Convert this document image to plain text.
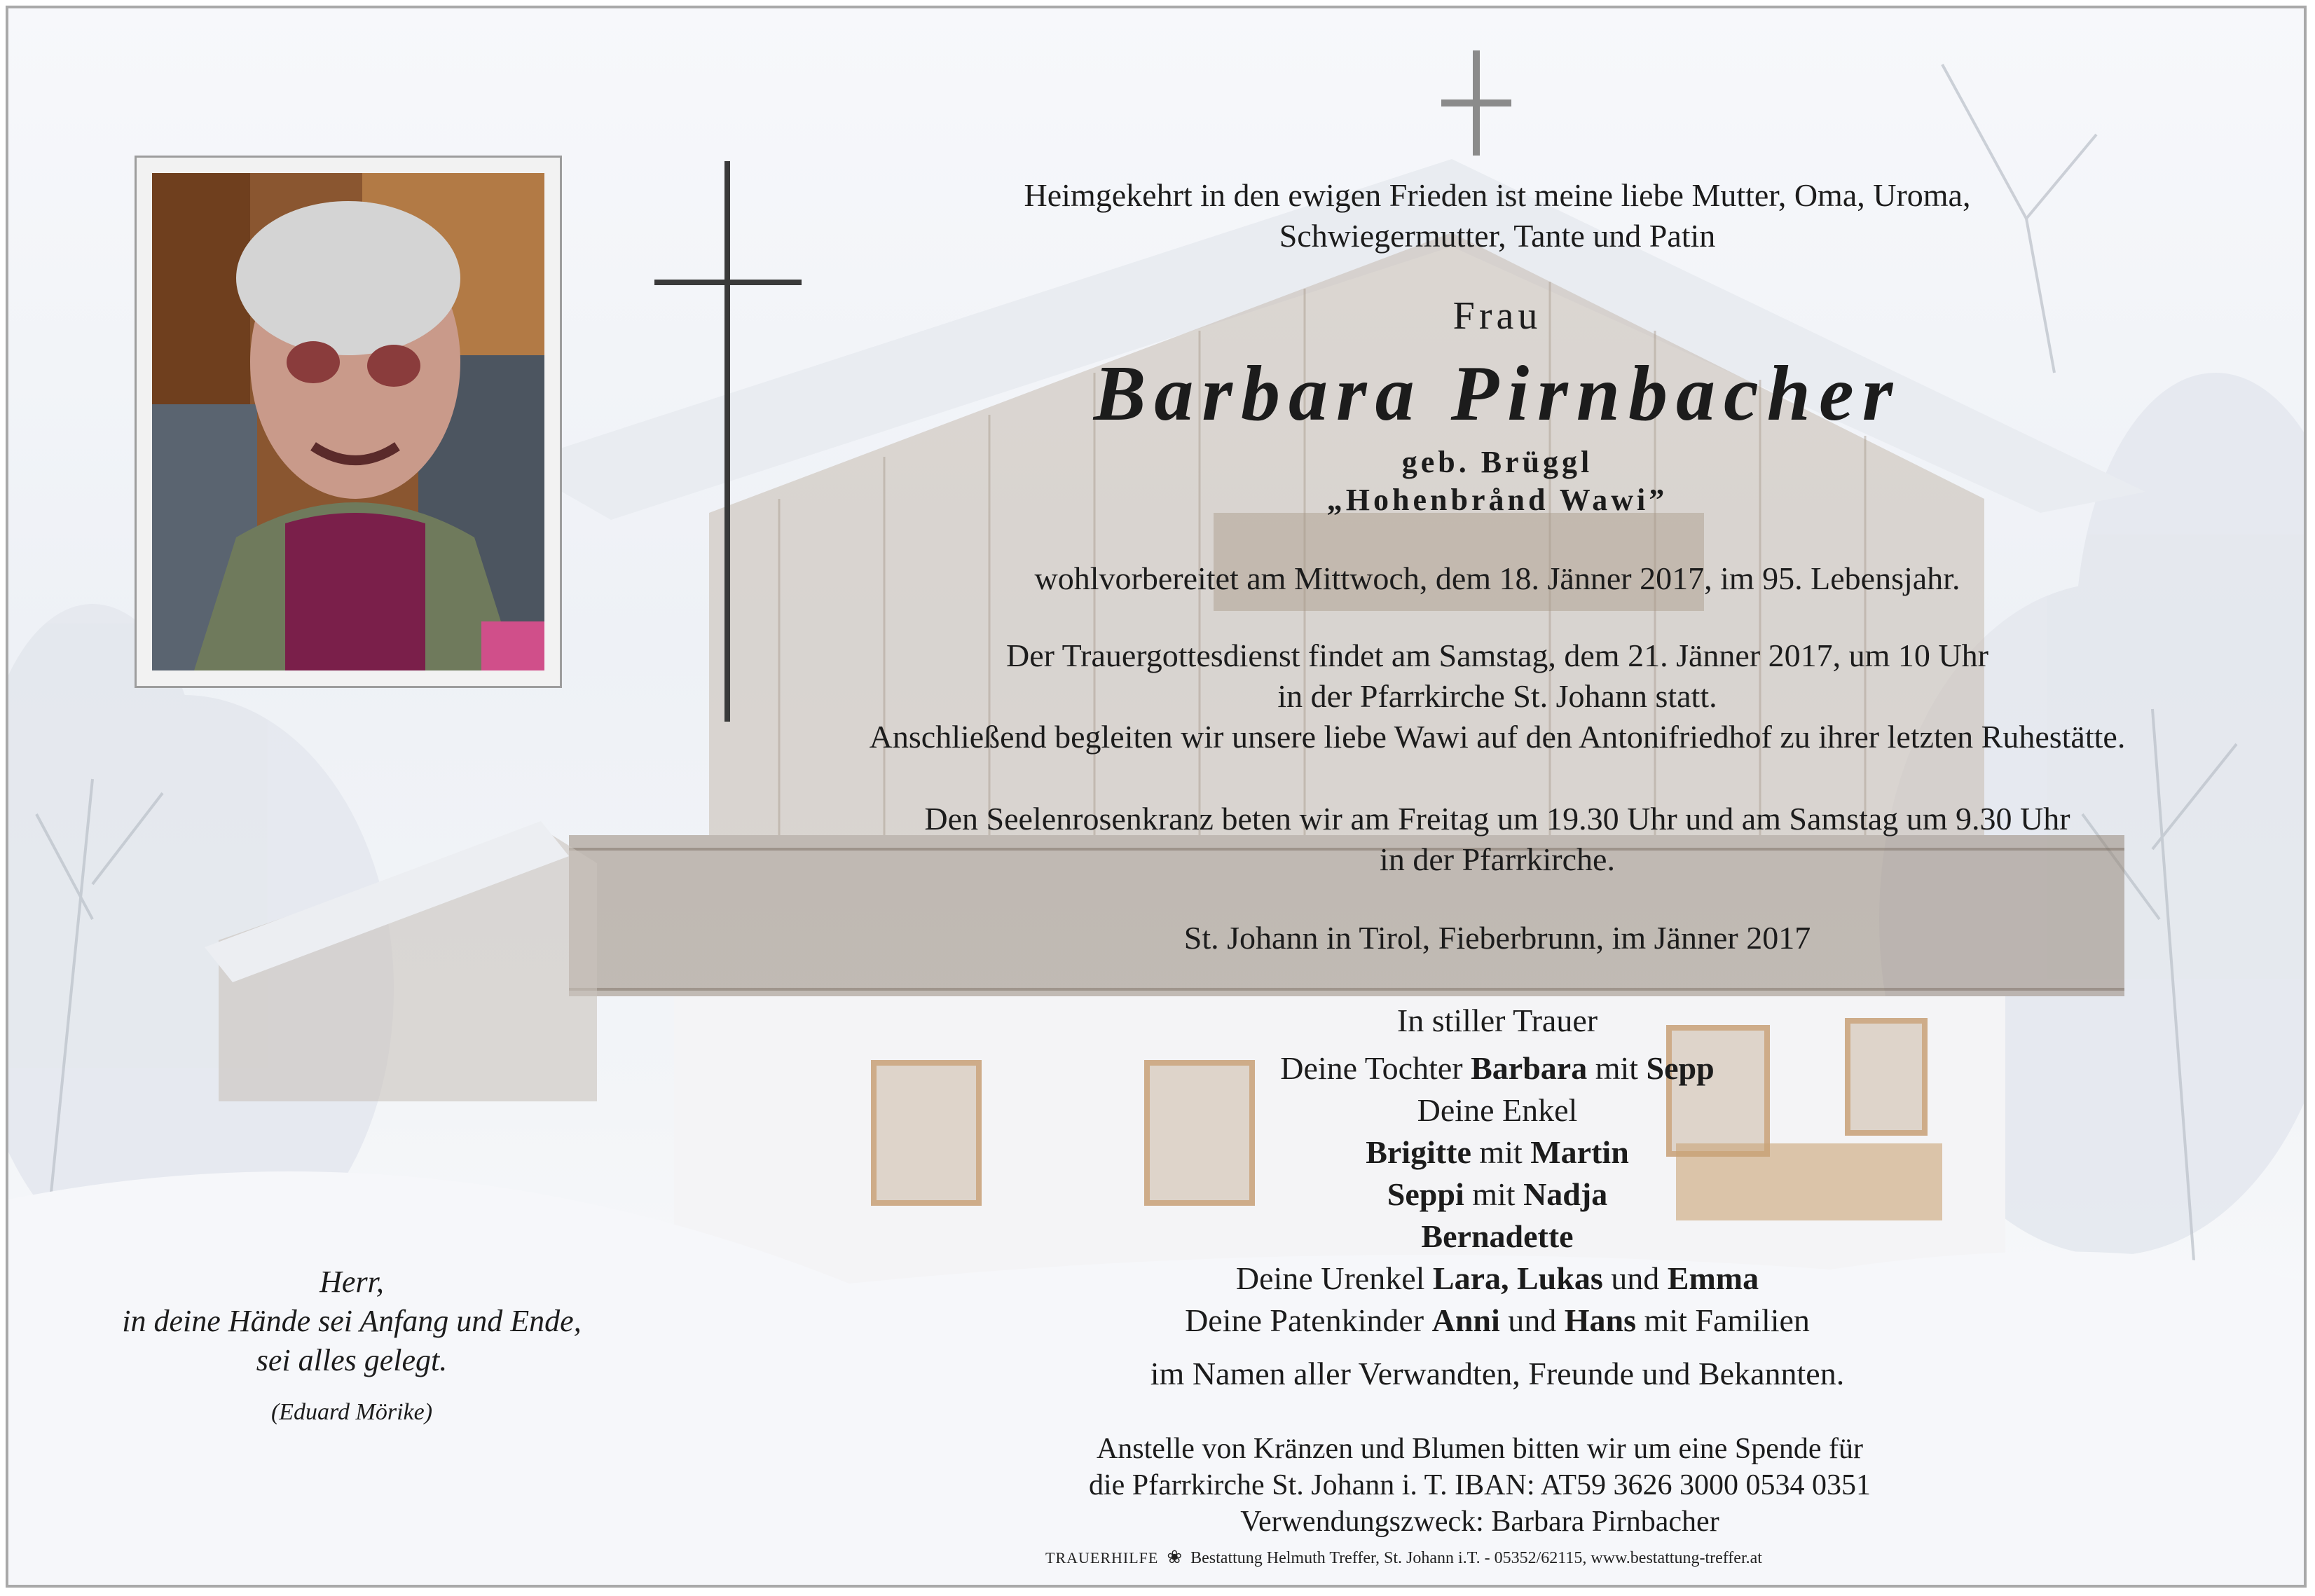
Heimgekehrt in den ewigen Frieden ist meine liebe Mutter, Oma, Uroma,
Schwiegermutter, Tante und Patin
Frau
Barbara Pirnbacher
geb. Brüggl
„Hohenbrånd Wawi”
wohlvorbereitet am Mittwoch, dem 18. Jänner 2017, im 95. Lebensjahr.
Der Trauergottesdienst findet am Samstag, dem 21. Jänner 2017, um 10 Uhr
in der Pfarrkirche St. Johann statt.
Anschließend begleiten wir unsere liebe Wawi auf den Antonifriedhof zu ihrer letzten Ruhestätte.
Den Seelenrosenkranz beten wir am Freitag um 19.30 Uhr und am Samstag um 9.30 Uhr
in der Pfarrkirche.
St. Johann in Tirol, Fieberbrunn, im Jänner 2017
In stiller Trauer
Deine Tochter Barbara mit Sepp
Deine Enkel
Brigitte mit Martin
Seppi mit Nadja
Bernadette
Deine Urenkel Lara, Lukas und Emma
Deine Patenkinder Anni und Hans mit Familien
im Namen aller Verwandten, Freunde und Bekannten.
Anstelle von Kränzen und Blumen bitten wir um eine Spende für
die Pfarrkirche St. Johann i. T. IBAN: AT59 3626 3000 0534 0351
Verwendungszweck: Barbara Pirnbacher
Herr,
in deine Hände sei Anfang und Ende,
sei alles gelegt.
(Eduard Mörike)
TRAUERHILFE ❀ Bestattung Helmuth Treffer, St. Johann i.T. - 05352/62115, www.bestattung-treffer.at
